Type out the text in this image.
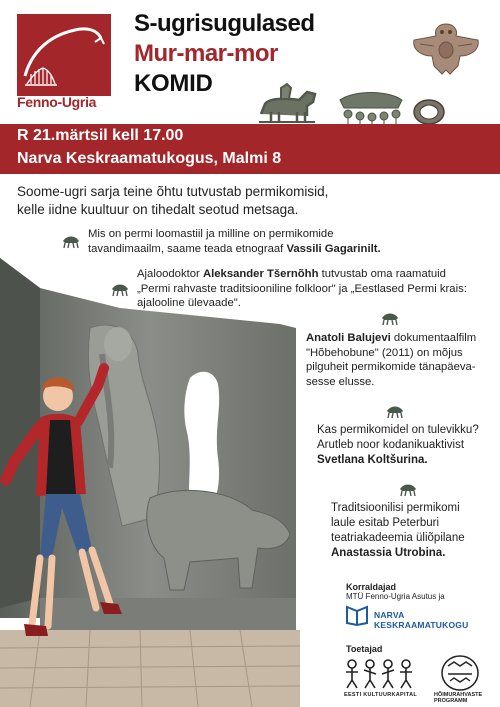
Fenno-Ugria
S-ugrisugulased
Mur-mar-mor
KOMID
R 21.märtsil kell 17.00
Narva Keskraamatukogus, Malmi 8
Soome-ugri sarja teine õhtu tutvustab permikomisid,
kelle iidne kuultuur on tihedalt seotud metsaga.
Mis on permi loomastiil ja milline on permikomide
tavandimaailm, saame teada etnograaf Vassili Gagarinilt.
Ajaloodoktor Aleksander Tšernõhh tutvustab oma raamatuid
„Permi rahvaste traditsiooniline folkloor" ja „Eestlased Permi krais:
ajalooline ülevaade".
Anatoli Balujevi dokumentaalfilm
"Hõbehobune" (2011) on mõjus
pilguheit permikomide tänapäeva-
sesse elusse.
Kas permikomidel on tulevikku?
Arutleb noor kodanikuaktivist
Svetlana Koltšurina.
Traditsioonilisi permikomi
laule esitab Peterburi
teatriakadeemia üliõpilane
Anastassia Utrobina.
Korraldajad
MTÜ Fenno-Ugria Asutus ja
NARVA KESKRAAMATUKOGU
Toetajad
EESTI KULTUURKAPITAL	HÕIMURAHVASTE PROGRAMM
